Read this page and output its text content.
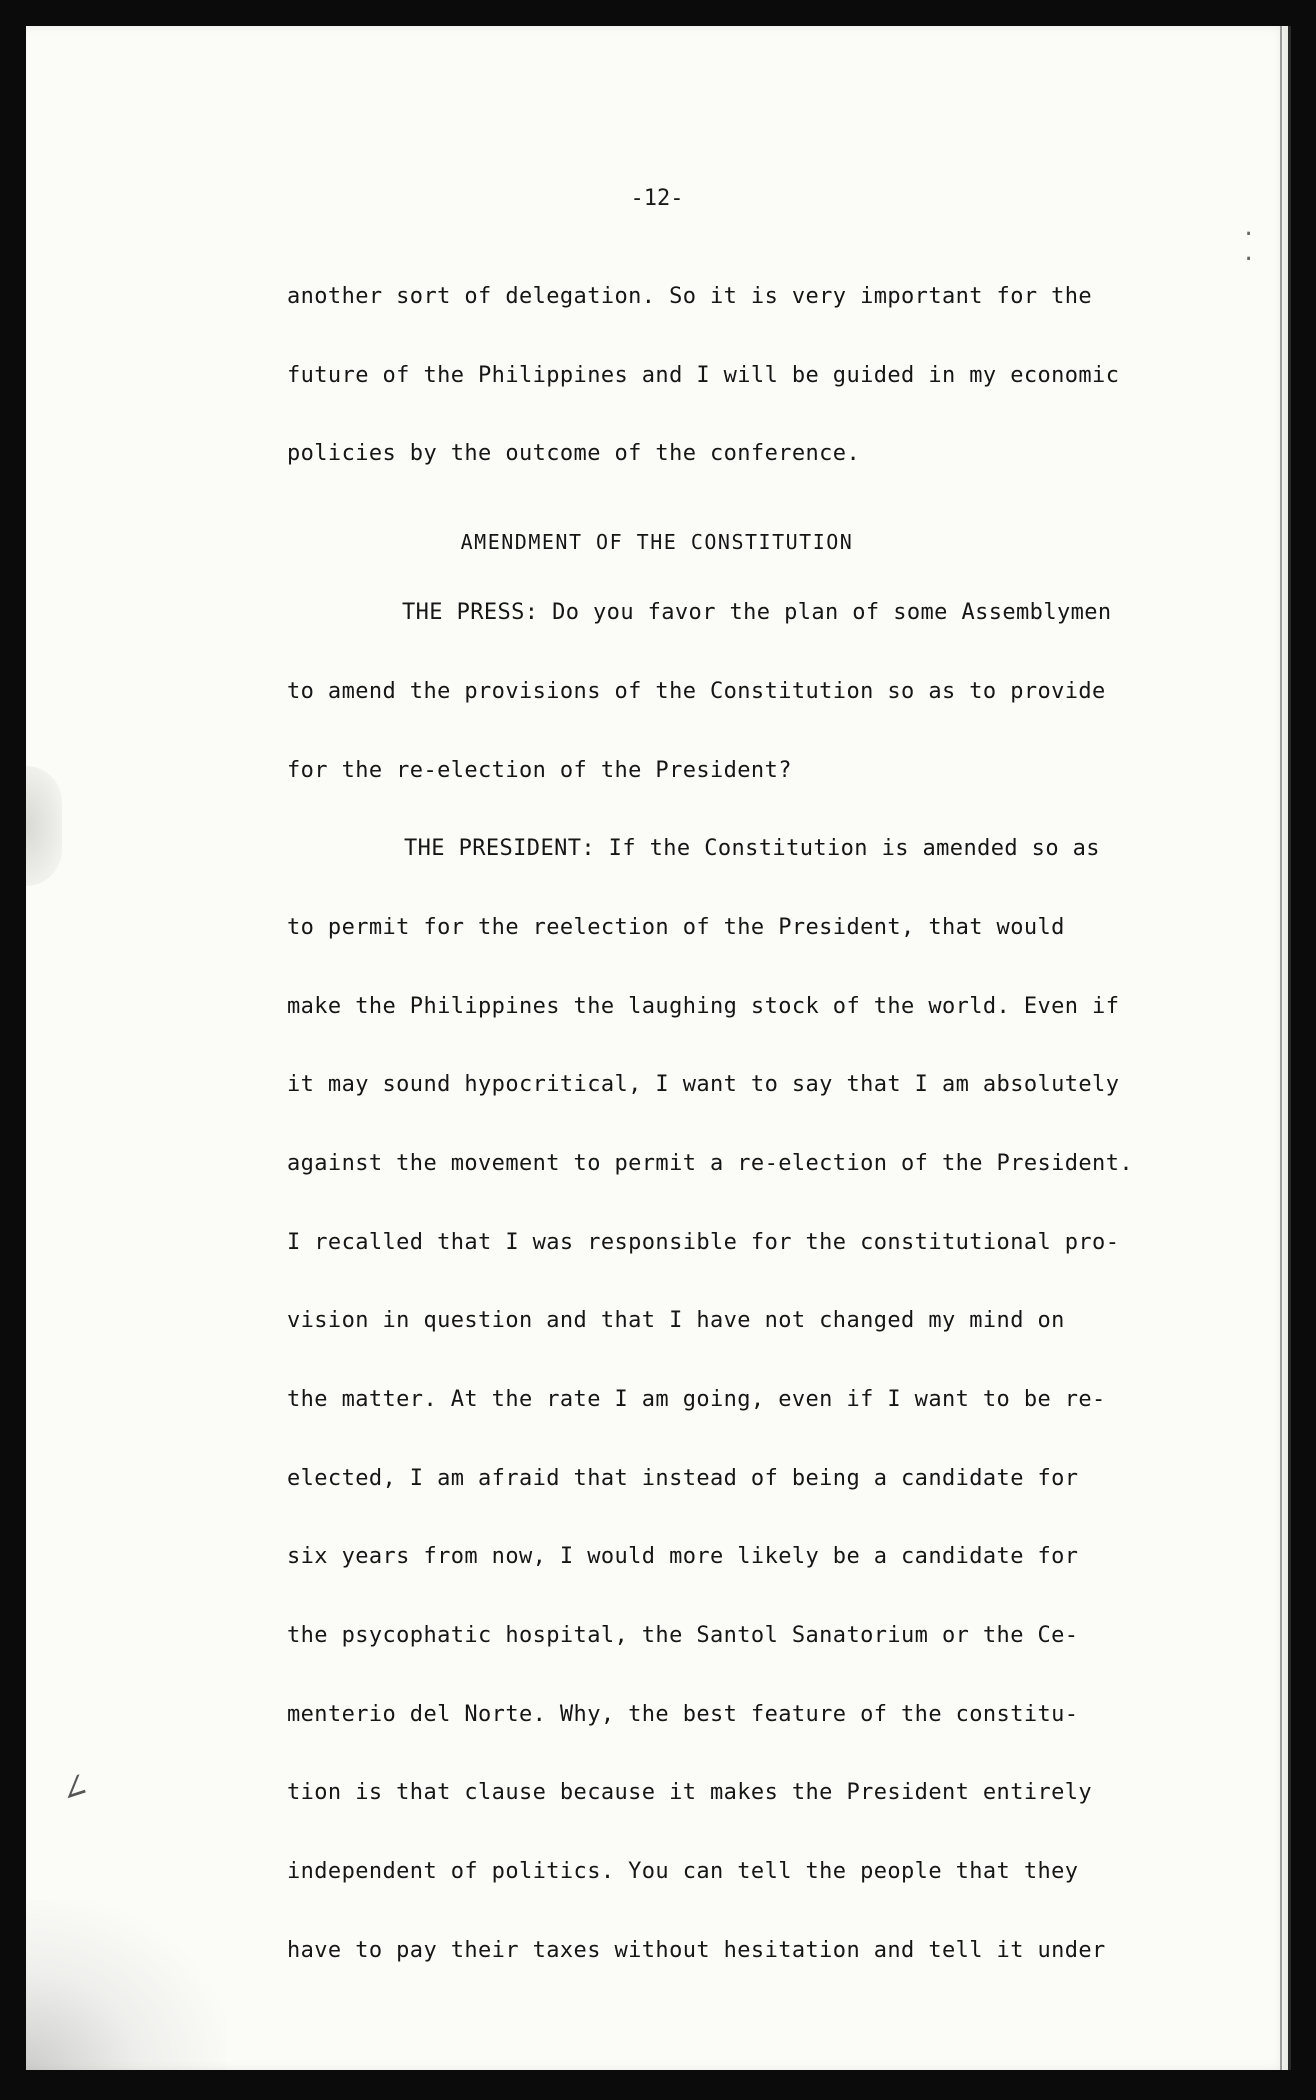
∠
· ·
-12-
another sort of delegation. So it is very important for the
future of the Philippines and I will be guided in my economic
policies by the outcome of the conference.
AMENDMENT OF THE CONSTITUTION
THE PRESS: Do you favor the plan of some Assemblymen
to amend the provisions of the Constitution so as to provide
for the re-election of the President?
THE PRESIDENT: If the Constitution is amended so as
to permit for the reelection of the President, that would
make the Philippines the laughing stock of the world. Even if
it may sound hypocritical, I want to say that I am absolutely
against the movement to permit a re-election of the President.
I recalled that I was responsible for the constitutional pro-
vision in question and that I have not changed my mind on
the matter. At the rate I am going, even if I want to be re-
elected, I am afraid that instead of being a candidate for
six years from now, I would more likely be a candidate for
the psycophatic hospital, the Santol Sanatorium or the Ce-
menterio del Norte. Why, the best feature of the constitu-
tion is that clause because it makes the President entirely
independent of politics. You can tell the people that they
have to pay their taxes without hesitation and tell it under
